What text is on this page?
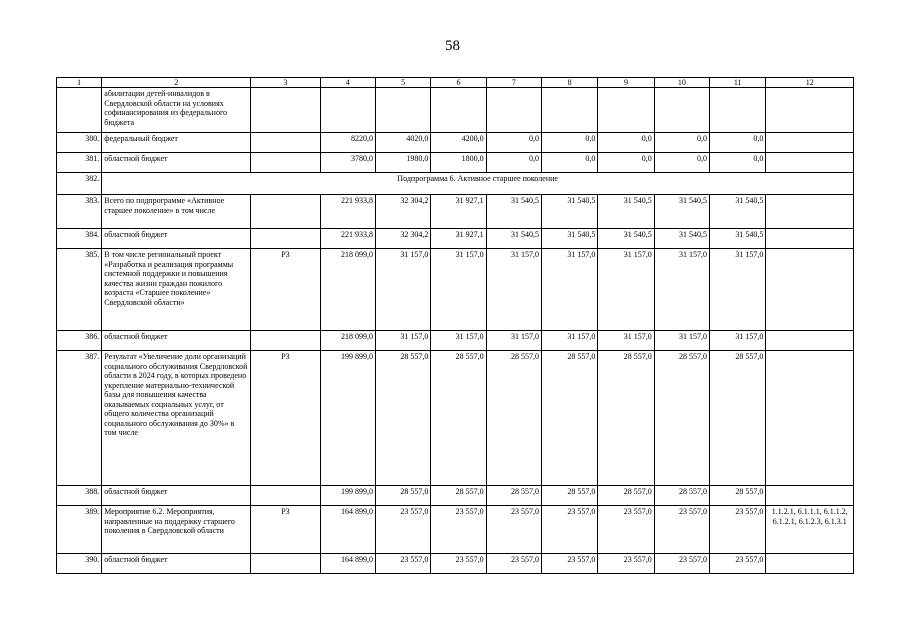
58
1	2	3	4	5	6	7	8	9	10	11	12
	абилитации детей-инвалидов в Свердловской области на условиях софинансирования из федерального бюджета										
380.	федеральный бюджет		8220,0	4020,0	4200,0	0,0	0,0	0,0	0,0	0,0	
381.	областной бюджет		3780,0	1980,0	1800,0	0,0	0,0	0,0	0,0	0,0	
382.	Подпрограмма 6. Активное старшее поколение										
383.	Всего по подпрограмме «Активное старшее поколение» в том числе		221 933,8	32 304,2	31 927,1	31 540,5	31 540,5	31 540,5	31 540,5	31 540,5	
384.	областной бюджет		221 933,8	32 304,2	31 927,1	31 540,5	31 540,5	31 540,5	31 540,5	31 540,5	
385.	В том числе региональный проект «Разработка и реализация программы системной поддержки и повышения качества жизни граждан пожилого возраста «Старшее поколение» Свердловской области»	Р3	218 099,0	31 157,0	31 157,0	31 157,0	31 157,0	31 157,0	31 157,0	31 157,0	
386.	областной бюджет		218 099,0	31 157,0	31 157,0	31 157,0	31 157,0	31 157,0	31 157,0	31 157,0	
387.	Результат «Увеличение доли организаций социального обслуживания Свердловской области в 2024 году, в которых проведено укрепление материально-технической базы для повышения качества оказываемых социальных услуг, от общего количества организаций социального обслуживания до 30%» в том числе	Р3	199 899,0	28 557,0	28 557,0	28 557,0	28 557,0	28 557,0	28 557,0	28 557,0	
388.	областной бюджет		199 899,0	28 557,0	28 557,0	28 557,0	28 557,0	28 557,0	28 557,0	28 557,0	
389.	Мероприятие 6.2. Мероприятия, направленные на поддержку старшего поколения в Свердловской области	Р3	164 899,0	23 557,0	23 557,0	23 557,0	23 557,0	23 557,0	23 557,0	23 557,0	1.1.2.1, 6.1.1.1, 6.1.1.2, 6.1.2.1, 6.1.2.3, 6.1.3.1
390.	областной бюджет		164 899,0	23 557,0	23 557,0	23 557,0	23 557,0	23 557,0	23 557,0	23 557,0	
